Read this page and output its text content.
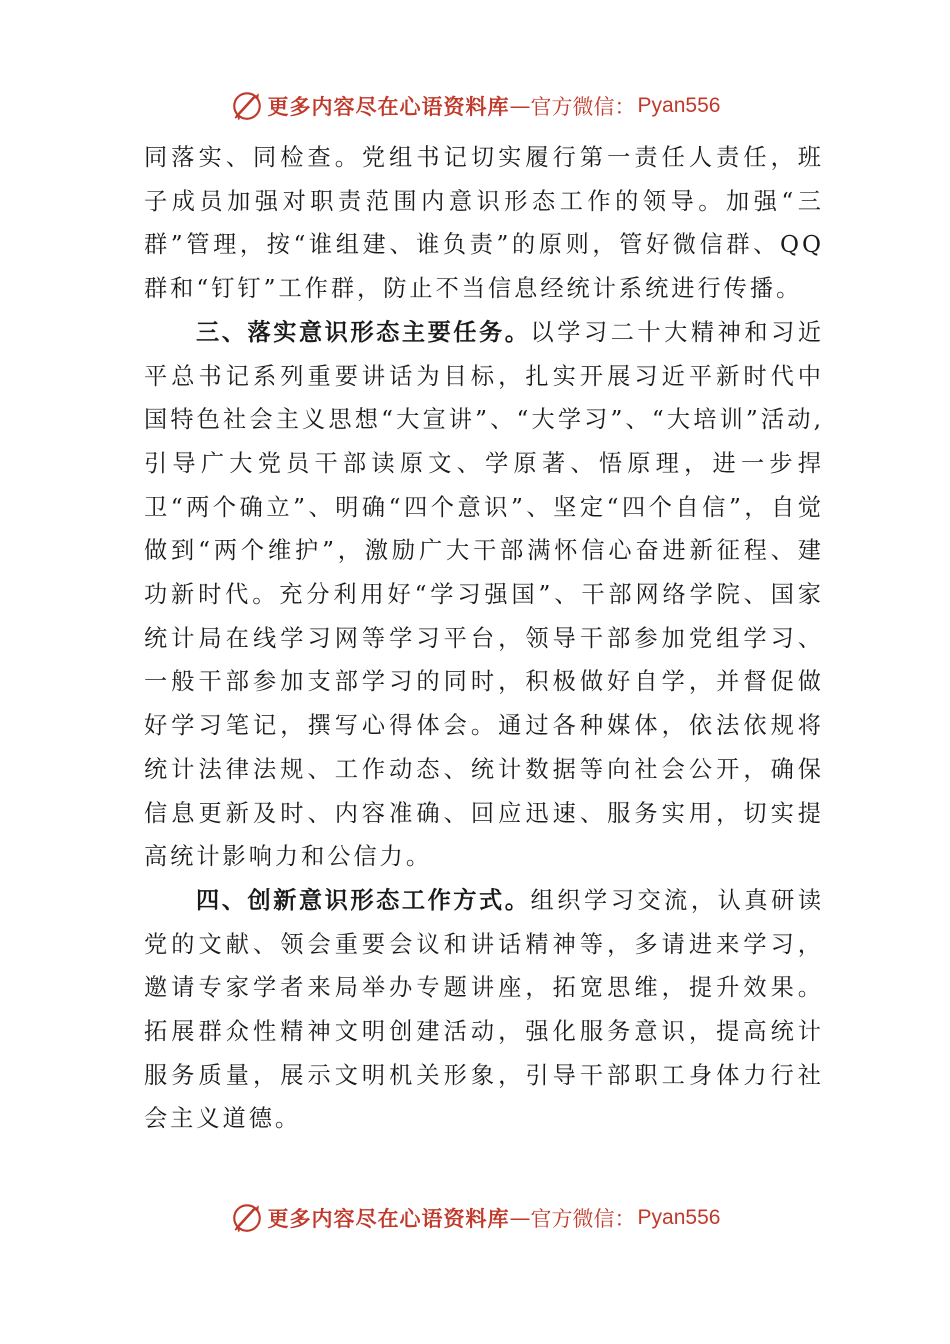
更多内容尽在心语资料库 — 官方微信： Pyan556

同落实、同检查。党组书记切实履行第一责任人责任，班子成员加强对职责范围内意识形态工作的领导。加强“三群”管理，按“谁组建、谁负责”的原则，管好微信群、QQ群和“钉钉”工作群，防止不当信息经统计系统进行传播。

三、落实意识形态主要任务。以学习二十大精神和习近平总书记系列重要讲话为目标，扎实开展习近平新时代中国特色社会主义思想“大宣讲”、“大学习”、“大培训”活动,引导广大党员干部读原文、学原著、悟原理，进一步捍卫“两个确立”、明确“四个意识”、坚定“四个自信”，自觉做到“两个维护”，激励广大干部满怀信心奋进新征程、建功新时代。充分利用好“学习强国”、干部网络学院、国家统计局在线学习网等学习平台，领导干部参加党组学习、一般干部参加支部学习的同时，积极做好自学，并督促做好学习笔记，撰写心得体会。通过各种媒体，依法依规将统计法律法规、工作动态、统计数据等向社会公开，确保信息更新及时、内容准确、回应迅速、服务实用，切实提高统计影响力和公信力。

四、创新意识形态工作方式。组织学习交流，认真研读党的文献、领会重要会议和讲话精神等，多请进来学习，邀请专家学者来局举办专题讲座，拓宽思维，提升效果。拓展群众性精神文明创建活动，强化服务意识，提高统计服务质量，展示文明机关形象，引导干部职工身体力行社会主义道德。

更多内容尽在心语资料库 — 官方微信： Pyan556
